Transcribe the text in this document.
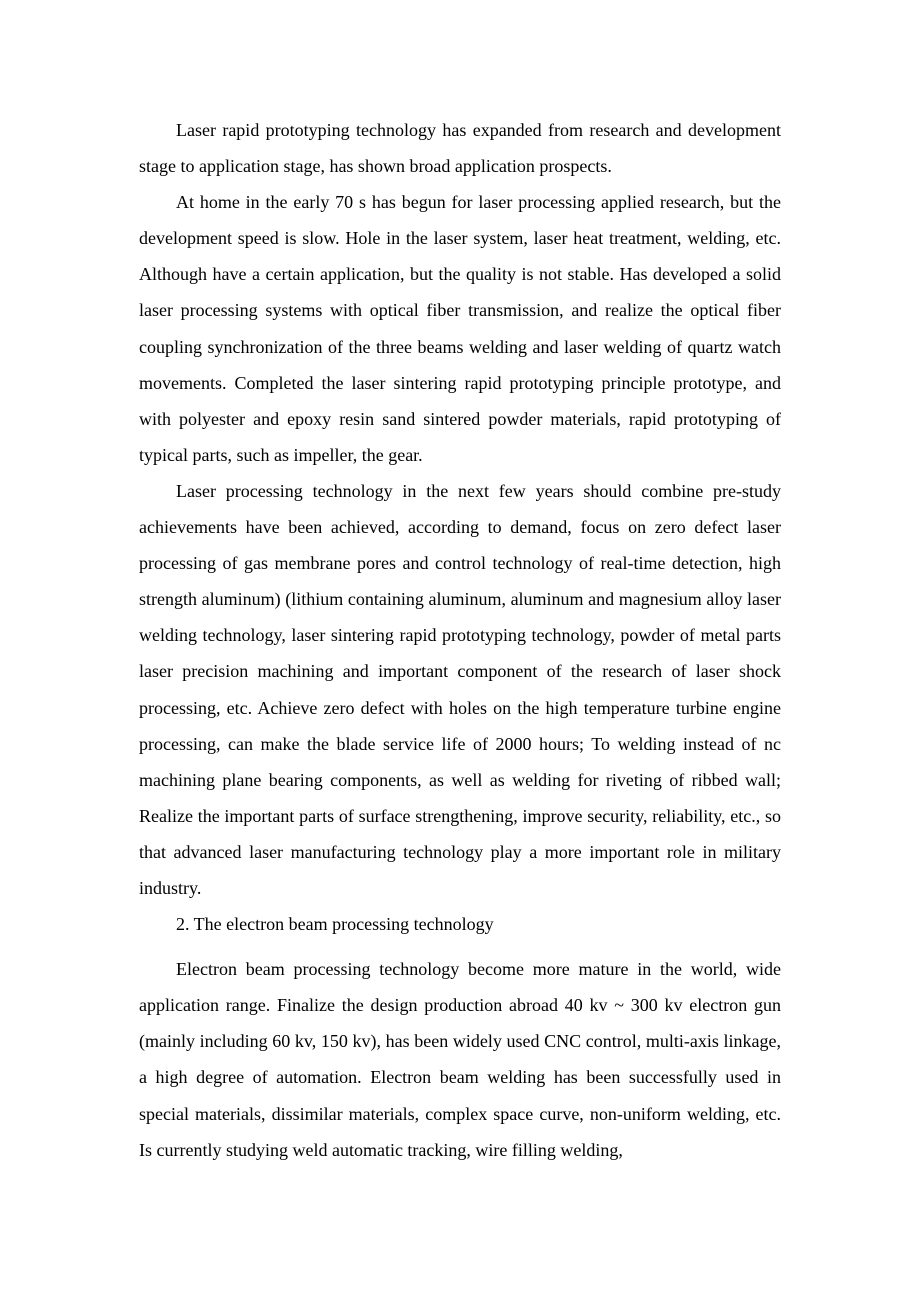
Laser rapid prototyping technology has expanded from research and development stage to application stage, has shown broad application prospects.

At home in the early 70 s has begun for laser processing applied research, but the development speed is slow. Hole in the laser system, laser heat treatment, welding, etc. Although have a certain application, but the quality is not stable. Has developed a solid laser processing systems with optical fiber transmission, and realize the optical fiber coupling synchronization of the three beams welding and laser welding of quartz watch movements. Completed the laser sintering rapid prototyping principle prototype, and with polyester and epoxy resin sand sintered powder materials, rapid prototyping of typical parts, such as impeller, the gear.

Laser processing technology in the next few years should combine pre-study achievements have been achieved, according to demand, focus on zero defect laser processing of gas membrane pores and control technology of real-time detection, high strength aluminum) (lithium containing aluminum, aluminum and magnesium alloy laser welding technology, laser sintering rapid prototyping technology, powder of metal parts laser precision machining and important component of the research of laser shock processing, etc. Achieve zero defect with holes on the high temperature turbine engine processing, can make the blade service life of 2000 hours; To welding instead of nc machining plane bearing components, as well as welding for riveting of ribbed wall; Realize the important parts of surface strengthening, improve security, reliability, etc., so that advanced laser manufacturing technology play a more important role in military industry.

2. The electron beam processing technology

Electron beam processing technology become more mature in the world, wide application range. Finalize the design production abroad 40 kv ~ 300 kv electron gun (mainly including 60 kv, 150 kv), has been widely used CNC control, multi-axis linkage, a high degree of automation. Electron beam welding has been successfully used in special materials, dissimilar materials, complex space curve, non-uniform welding, etc. Is currently studying weld automatic tracking, wire filling welding,
